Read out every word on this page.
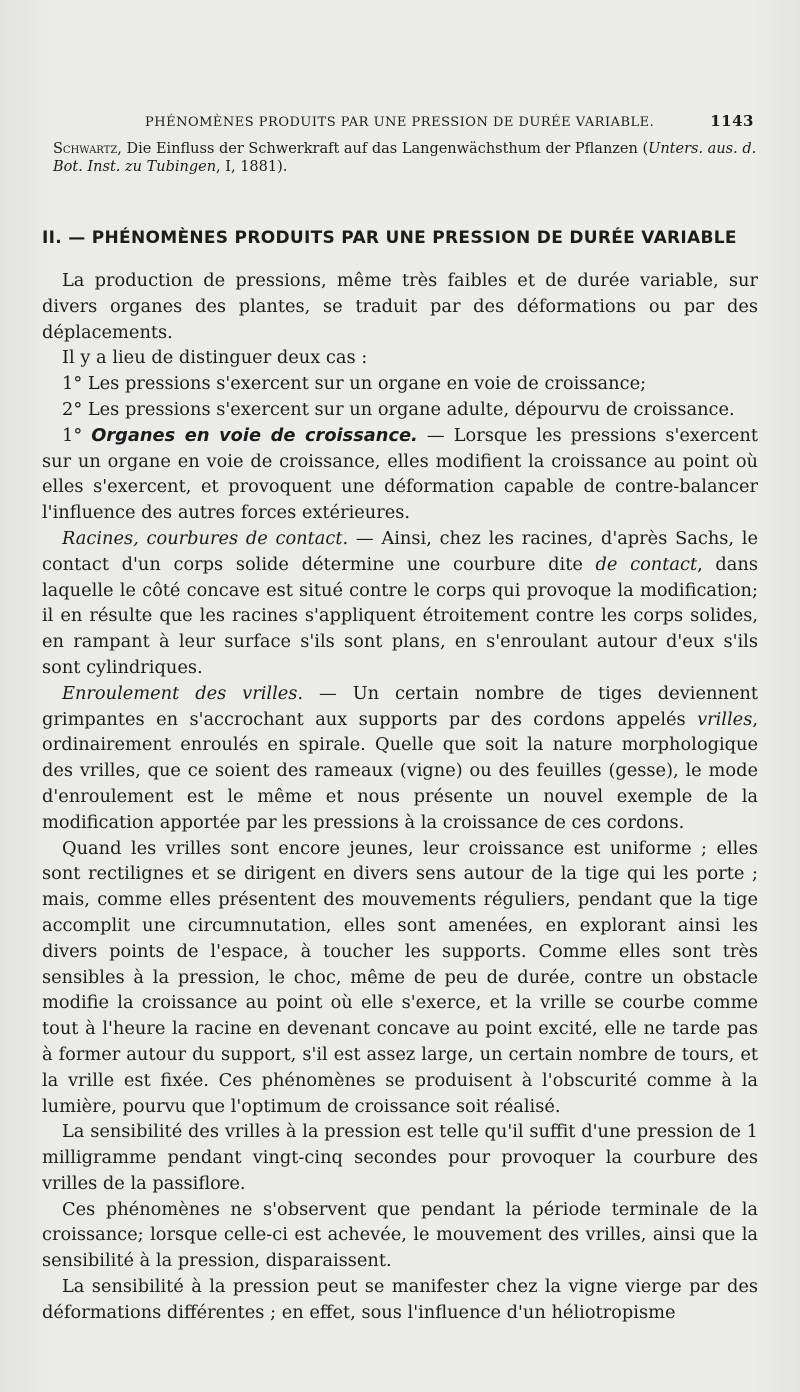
PHÉNOMÈNES PRODUITS PAR UNE PRESSION DE DURÉE VARIABLE.	1143
Schwartz, Die Einfluss der Schwerkraft auf das Langenwächsthum der Pflanzen (Unters. aus. d. Bot. Inst. zu Tubingen, I, 1881).
II. — PHÉNOMÈNES PRODUITS PAR UNE PRESSION DE DURÉE VARIABLE

La production de pressions, même très faibles et de durée variable, sur divers organes des plantes, se traduit par des déformations ou par des déplacements.

Il y a lieu de distinguer deux cas :

1° Les pressions s'exercent sur un organe en voie de croissance;

2° Les pressions s'exercent sur un organe adulte, dépourvu de croissance.

1° Organes en voie de croissance. — Lorsque les pressions s'exercent sur un organe en voie de croissance, elles modifient la croissance au point où elles s'exercent, et provoquent une déformation capable de contre-balancer l'influence des autres forces extérieures.

Racines, courbures de contact. — Ainsi, chez les racines, d'après Sachs, le contact d'un corps solide détermine une courbure dite de contact, dans laquelle le côté concave est situé contre le corps qui provoque la modification; il en résulte que les racines s'appliquent étroitement contre les corps solides, en rampant à leur surface s'ils sont plans, en s'enroulant autour d'eux s'ils sont cylindriques.

Enroulement des vrilles. — Un certain nombre de tiges deviennent grimpantes en s'accrochant aux supports par des cordons appelés vrilles, ordinairement enroulés en spirale. Quelle que soit la nature morphologique des vrilles, que ce soient des rameaux (vigne) ou des feuilles (gesse), le mode d'enroulement est le même et nous présente un nouvel exemple de la modification apportée par les pressions à la croissance de ces cordons.

Quand les vrilles sont encore jeunes, leur croissance est uniforme ; elles sont rectilignes et se dirigent en divers sens autour de la tige qui les porte ; mais, comme elles présentent des mouvements réguliers, pendant que la tige accomplit une circumnutation, elles sont amenées, en explorant ainsi les divers points de l'espace, à toucher les supports. Comme elles sont très sensibles à la pression, le choc, même de peu de durée, contre un obstacle modifie la croissance au point où elle s'exerce, et la vrille se courbe comme tout à l'heure la racine en devenant concave au point excité, elle ne tarde pas à former autour du support, s'il est assez large, un certain nombre de tours, et la vrille est fixée. Ces phénomènes se produisent à l'obscurité comme à la lumière, pourvu que l'optimum de croissance soit réalisé.

La sensibilité des vrilles à la pression est telle qu'il suffit d'une pression de 1 milligramme pendant vingt-cinq secondes pour provoquer la courbure des vrilles de la passiflore.

Ces phénomènes ne s'observent que pendant la période terminale de la croissance; lorsque celle-ci est achevée, le mouvement des vrilles, ainsi que la sensibilité à la pression, disparaissent.

La sensibilité à la pression peut se manifester chez la vigne vierge par des déformations différentes ; en effet, sous l'influence d'un héliotropisme
